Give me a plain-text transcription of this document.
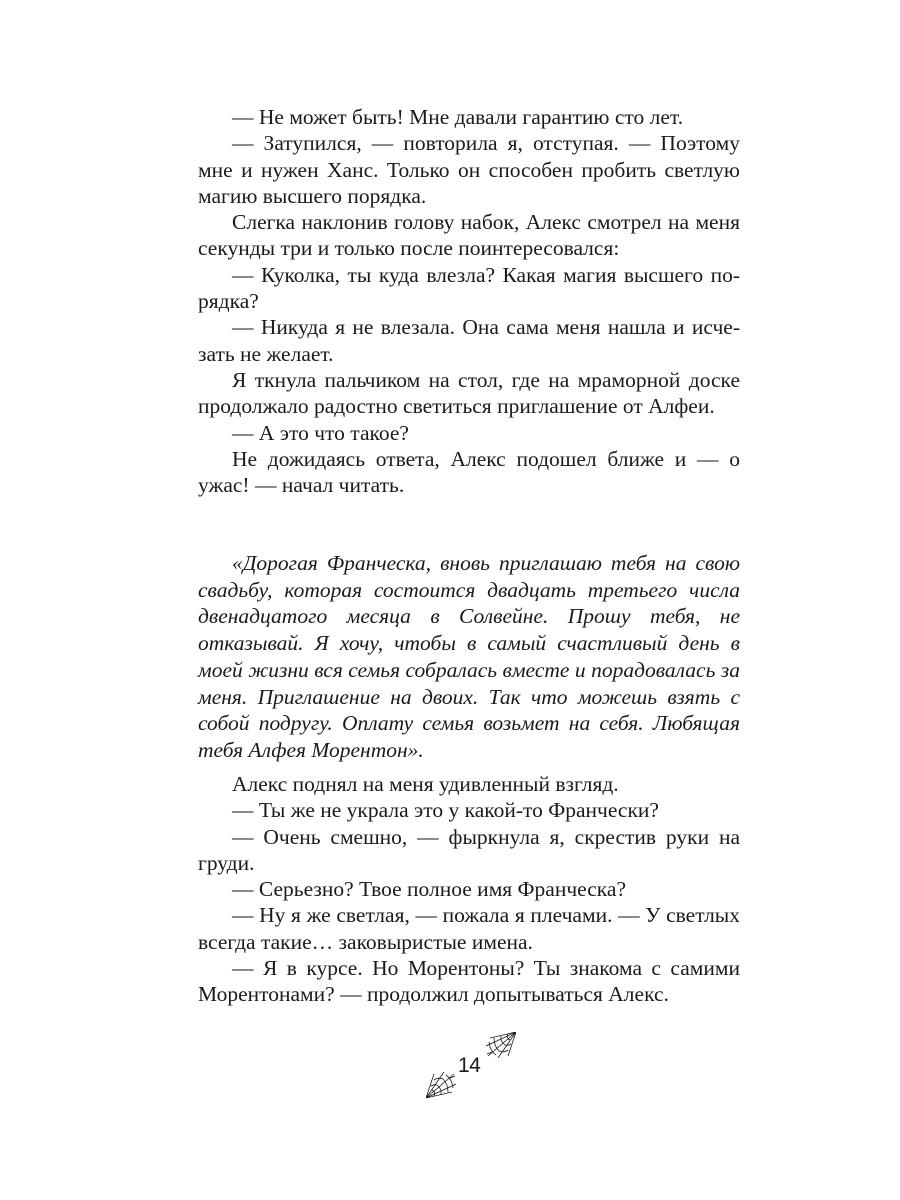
— Не может быть! Мне давали гарантию сто лет.

— Затупился, — повторила я, отступая. — Поэтому мне и нужен Ханс. Только он способен пробить светлую магию высшего порядка.

Слегка наклонив голову набок, Алекс смотрел на меня секунды три и только после поинтересовался:

— Куколка, ты куда влезла? Какая магия высшего порядка?

— Никуда я не влезала. Она сама меня нашла и исчезать не желает.

Я ткнула пальчиком на стол, где на мраморной доске продолжало радостно светиться приглашение от Алфеи.

— А это что такое?

Не дожидаясь ответа, Алекс подошел ближе и — о ужас! — начал читать.

«Дорогая Франческа, вновь приглашаю тебя на свою свадьбу, которая состоится двадцать третьего числа двенадцатого месяца в Солвейне. Прошу тебя, не отказывай. Я хочу, чтобы в самый счастливый день в моей жизни вся семья собралась вместе и порадовалась за меня. Приглашение на двоих. Так что можешь взять с собой подругу. Оплату семья возьмет на себя. Любящая тебя Алфея Морентон».

Алекс поднял на меня удивленный взгляд.

— Ты же не украла это у какой-то Франчески?

— Очень смешно, — фыркнула я, скрестив руки на груди.

— Серьезно? Твое полное имя Франческа?

— Ну я же светлая, — пожала я плечами. — У светлых всегда такие… заковыристые имена.

— Я в курсе. Но Морентоны? Ты знакома с самими Морентонами? — продолжил допытываться Алекс.

14
